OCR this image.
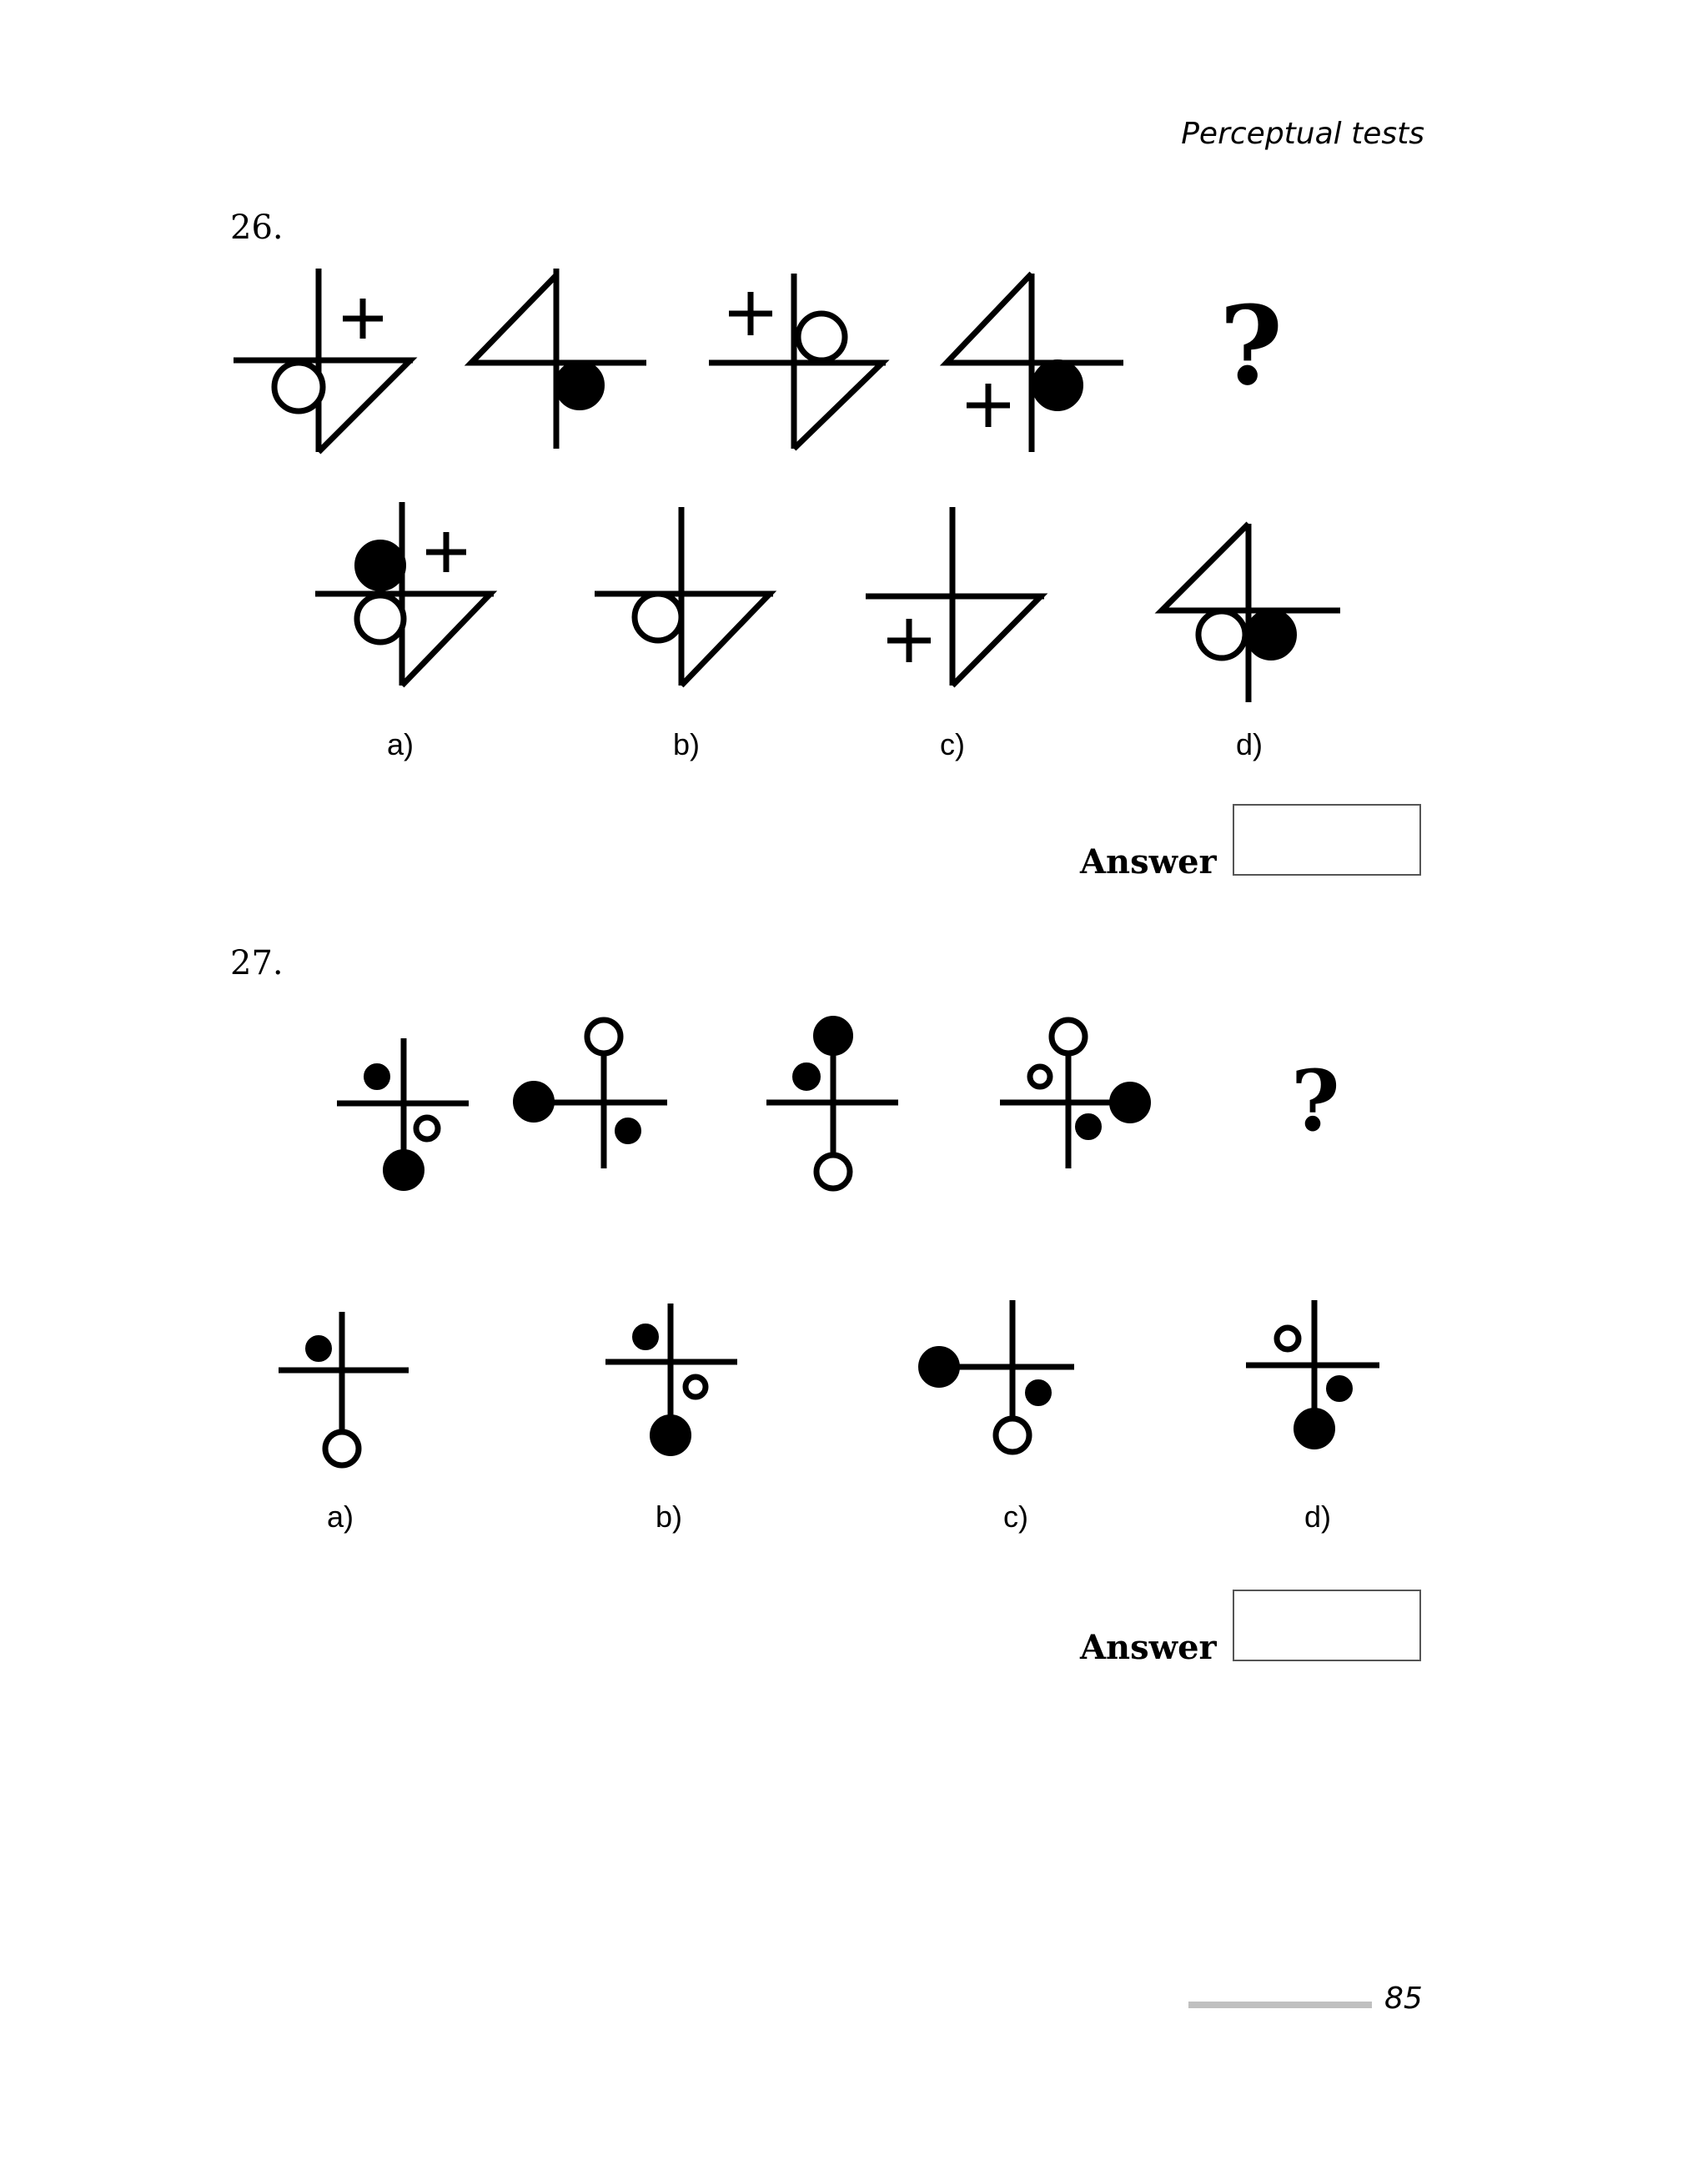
Perceptual tests
26.
?
a)	b)	c)	d)
Answer
27.
?
a)	b)	c)	d)
Answer
85
